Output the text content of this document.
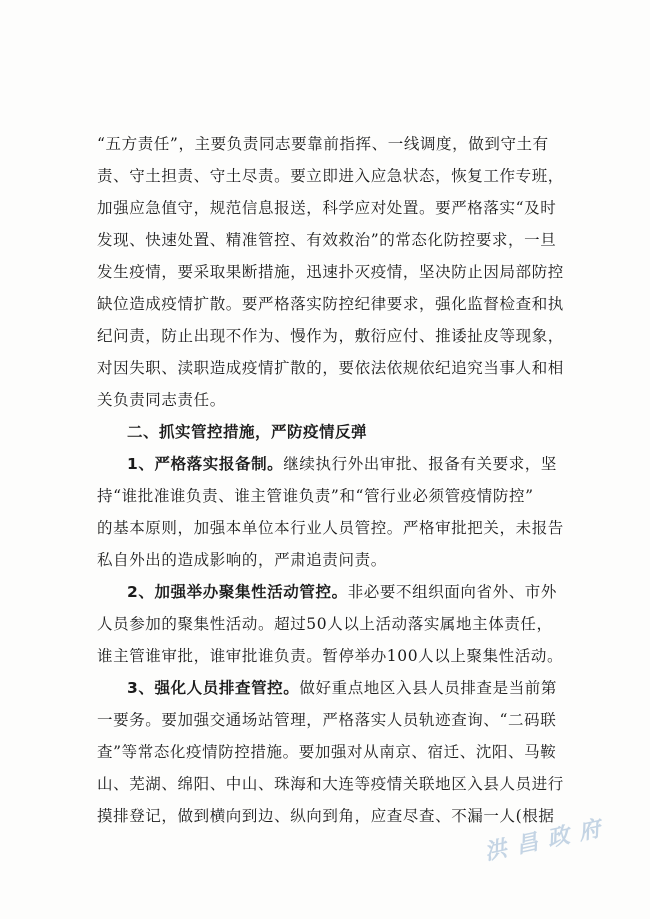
“五方责任”，主要负责同志要靠前指挥、一线调度，做到守土有
责、守土担责、守土尽责。要立即进入应急状态，恢复工作专班，
加强应急值守，规范信息报送，科学应对处置。要严格落实“及时
发现、快速处置、精准管控、有效救治”的常态化防控要求，一旦
发生疫情，要采取果断措施，迅速扑灭疫情，坚决防止因局部防控
缺位造成疫情扩散。要严格落实防控纪律要求，强化监督检查和执
纪问责，防止出现不作为、慢作为，敷衍应付、推诿扯皮等现象，
对因失职、渎职造成疫情扩散的，要依法依规依纪追究当事人和相
关负责同志责任。
二、抓实管控措施，严防疫情反弹
1、严格落实报备制。继续执行外出审批、报备有关要求，坚
持“谁批准谁负责、谁主管谁负责”和“管行业必须管疫情防控”
的基本原则，加强本单位本行业人员管控。严格审批把关，未报告
私自外出的造成影响的，严肃追责问责。
2、加强举办聚集性活动管控。非必要不组织面向省外、市外
人员参加的聚集性活动。超过50人以上活动落实属地主体责任，
谁主管谁审批，谁审批谁负责。暂停举办100人以上聚集性活动。
3、强化人员排查管控。做好重点地区入县人员排查是当前第
一要务。要加强交通场站管理，严格落实人员轨迹查询、“二码联
查”等常态化疫情防控措施。要加强对从南京、宿迁、沈阳、马鞍
山、芜湖、绵阳、中山、珠海和大连等疫情关联地区入县人员进行
摸排登记，做到横向到边、纵向到角，应查尽查、不漏一人(根据
洪昌政府
